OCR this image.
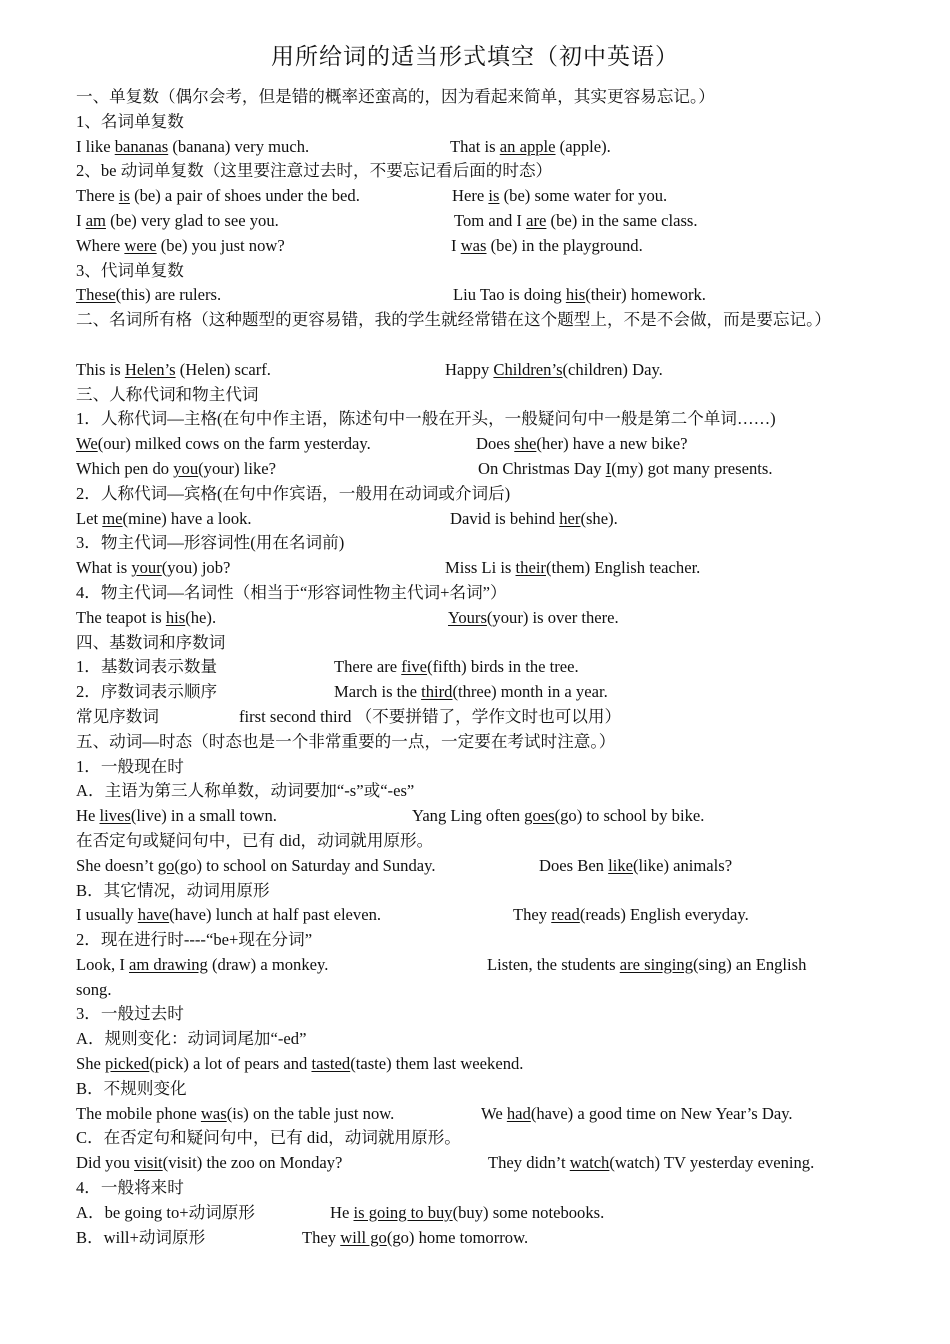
用所给词的适当形式填空（初中英语）
一、单复数（偶尔会考，但是错的概率还蛮高的，因为看起来简单，其实更容易忘记。）
1、名词单复数
I like bananas (banana) very much.	That is an apple (apple).
2、be 动词单复数（这里要注意过去时，不要忘记看后面的时态）
There is (be) a pair of shoes under the bed.	Here is (be) some water for you.
I am (be) very glad to see you.	Tom and I are (be) in the same class.
Where were (be) you just now?	I was (be) in the playground.
3、代词单复数
These(this) are rulers.	Liu Tao is doing his(their) homework.
二、名词所有格（这种题型的更容易错，我的学生就经常错在这个题型上，不是不会做，而是要忘记。）
This is Helen’s (Helen) scarf.	Happy Children’s(children) Day.
三、人称代词和物主代词
1．人称代词—主格(在句中作主语，陈述句中一般在开头，一般疑问句中一般是第二个单词……)
We(our) milked cows on the farm yesterday.	Does she(her) have a new bike?
Which pen do you(your) like?	On Christmas Day I(my) got many presents.
2．人称代词—宾格(在句中作宾语，一般用在动词或介词后)
Let me(mine) have a look.	David is behind her(she).
3．物主代词—形容词性(用在名词前)
What is your(you) job?	Miss Li is their(them) English teacher.
4．物主代词—名词性（相当于“形容词性物主代词+名词”）
The teapot is his(he).	Yours(your) is over there.
四、基数词和序数词
1．基数词表示数量	There are five(fifth) birds in the tree.
2．序数词表示顺序	March is the third(three) month in a year.
常见序数词	first second third （不要拼错了，学作文时也可以用）
五、动词—时态（时态也是一个非常重要的一点，一定要在考试时注意。）
1．一般现在时
A．主语为第三人称单数，动词要加“-s”或“-es”
He lives(live) in a small town.	Yang Ling often goes(go) to school by bike.
在否定句或疑问句中，已有 did，动词就用原形。
She doesn’t go(go) to school on Saturday and Sunday.	Does Ben like(like) animals?
B．其它情况，动词用原形
I usually have(have) lunch at half past eleven.	They read(reads) English everyday.
2．现在进行时----“be+现在分词”
Look, I am drawing (draw) a monkey.	Listen, the students are singing(sing) an English
song.
3．一般过去时
A．规则变化：动词词尾加“-ed”
She picked(pick) a lot of pears and tasted(taste) them last weekend.
B．不规则变化
The mobile phone was(is) on the table just now.	We had(have) a good time on New Year’s Day.
C．在否定句和疑问句中，已有 did，动词就用原形。
Did you visit(visit) the zoo on Monday?	They didn’t watch(watch) TV yesterday evening.
4．一般将来时
A．be going to+动词原形	He is going to buy(buy) some notebooks.
B．will+动词原形	They will go(go) home tomorrow.
